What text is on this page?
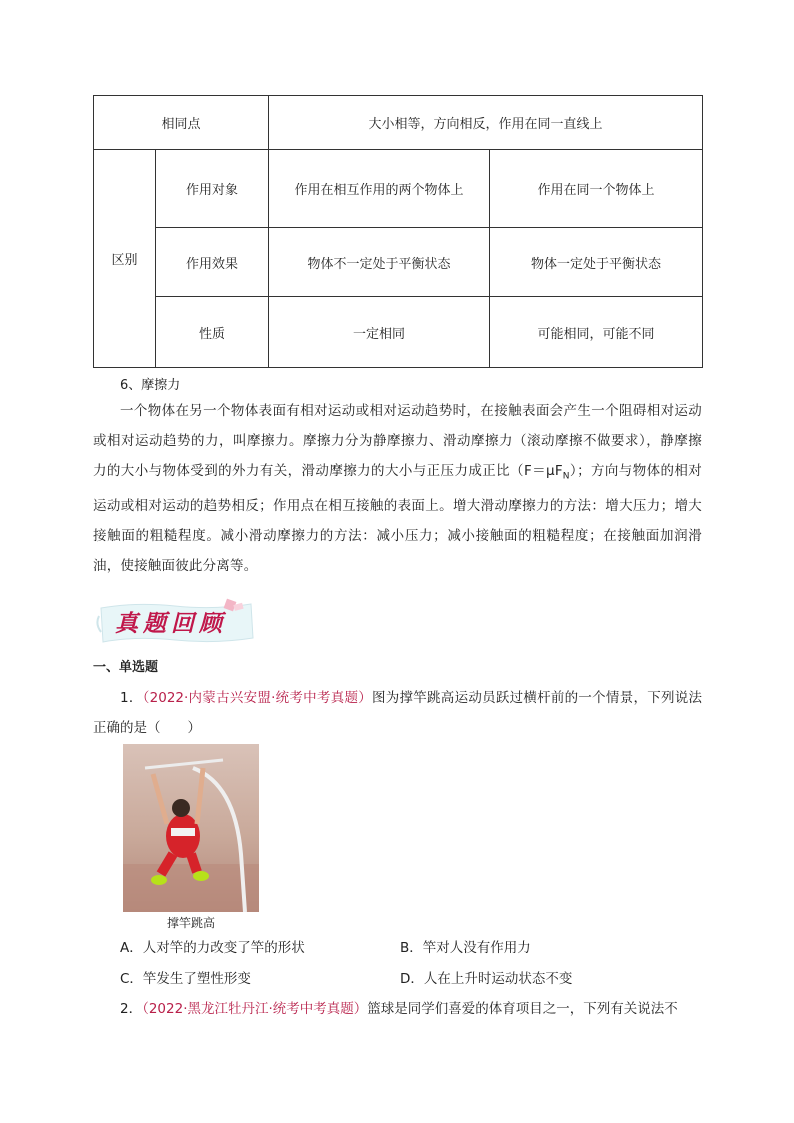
相同点		大小相等，方向相反，作用在同一直线上	
区别	作用对象	作用在相互作用的两个物体上	作用在同一个物体上
	作用效果	物体不一定处于平衡状态	物体一定处于平衡状态
	性质	一定相同	可能相同，可能不同
6、摩擦力
一个物体在另一个物体表面有相对运动或相对运动趋势时，在接触表面会产生一个阻碍相对运动或相对运动趋势的力，叫摩擦力。摩擦力分为静摩擦力、滑动摩擦力（滚动摩擦不做要求），静摩擦力的大小与物体受到的外力有关，滑动摩擦力的大小与正压力成正比$(F=\mu F_N)$；方向与物体的相对运动或相对运动的趋势相反；作用点在相互接触的表面上。增大滑动摩擦力的方法：增大压力；增大接触面的粗糙程度。减小滑动摩擦力的方法：减小压力；减小接触面的粗糙程度；在接触面加润滑油，使接触面彼此分离等。
真题回顾
一、单选题
1．（2022·内蒙古兴安盟·统考中考真题）图为撑竿跳高运动员跃过横杆前的一个情景，下列说法正确的是（　　）
撑竿跳高
A．人对竿的力改变了竿的形状	B．竿对人没有作用力
C．竿发生了塑性形变	D．人在上升时运动状态不变
2．（2022·黑龙江牡丹江·统考中考真题）篮球是同学们喜爱的体育项目之一，下列有关说法不
